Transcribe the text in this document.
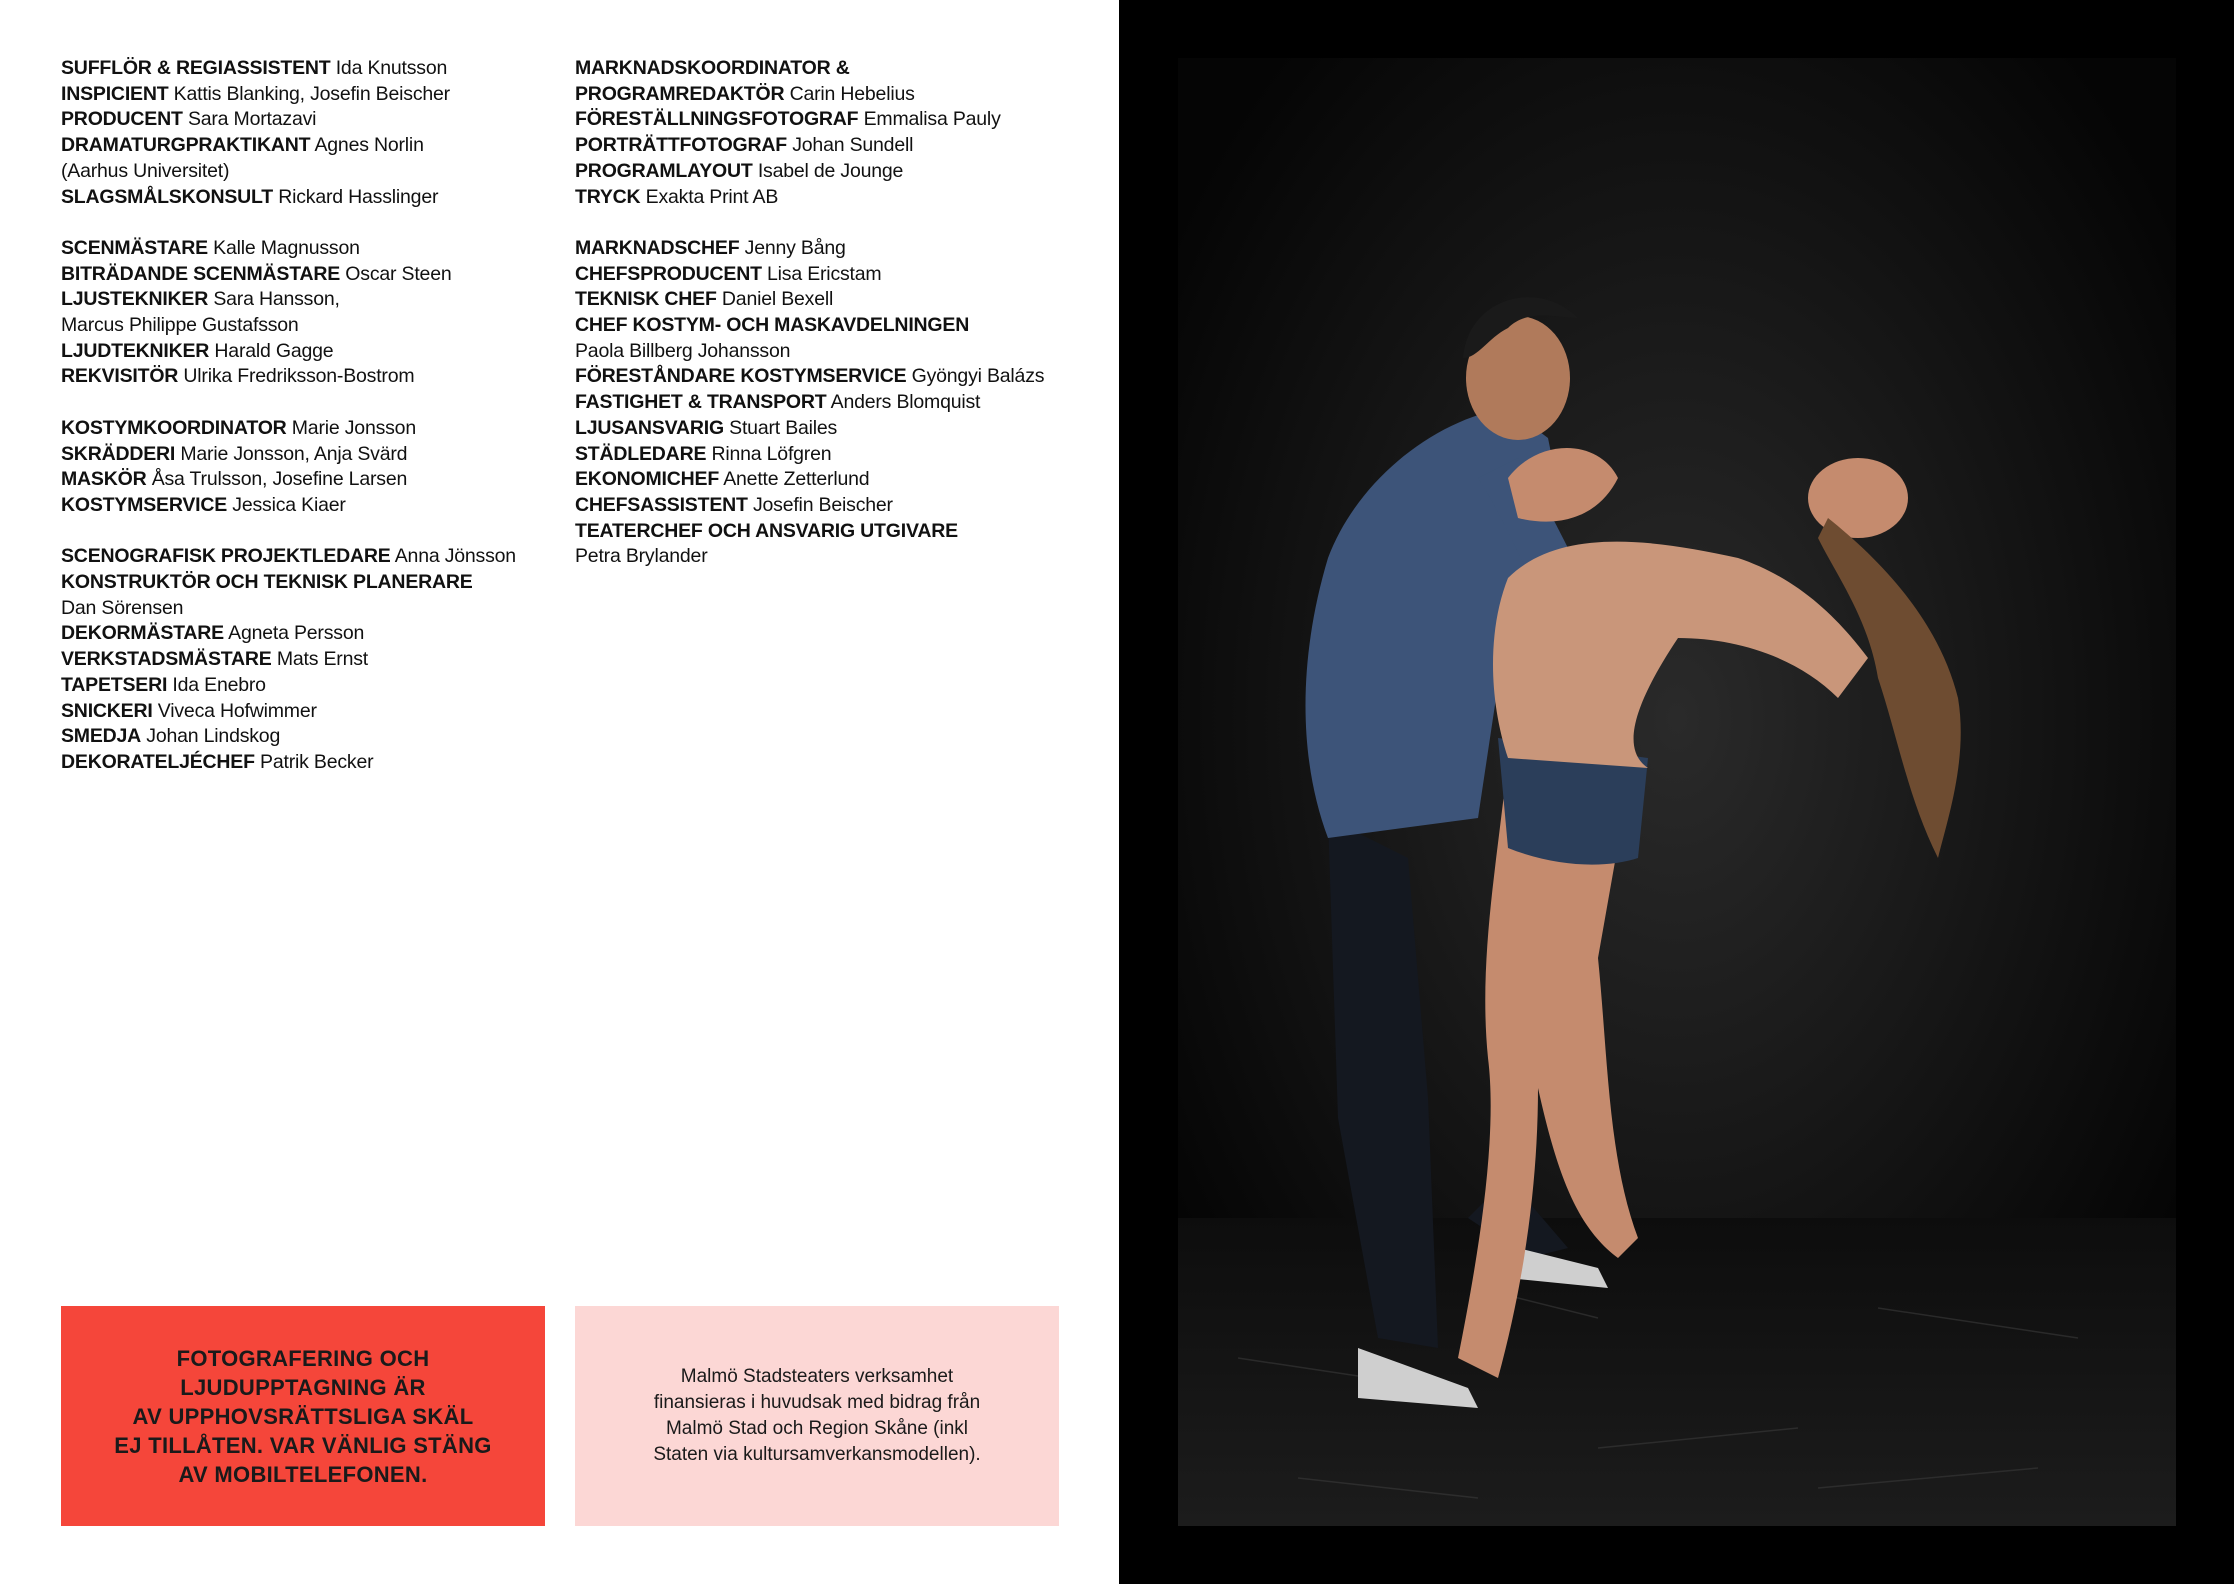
SUFFLÖR & REGIASSISTENT Ida Knutsson
INSPICIENT Kattis Blanking, Josefin Beischer
PRODUCENT Sara Mortazavi
DRAMATURGPRAKTIKANT Agnes Norlin
(Aarhus Universitet)
SLAGSMÅLSKONSULT Rickard Hasslinger
SCENMÄSTARE Kalle Magnusson
BITRÄDANDE SCENMÄSTARE Oscar Steen
LJUSTEKNIKER Sara Hansson,
Marcus Philippe Gustafsson
LJUDTEKNIKER Harald Gagge
REKVISITÖR Ulrika Fredriksson-Bostrom
KOSTYMKOORDINATOR Marie Jonsson
SKRÄDDERI Marie Jonsson, Anja Svärd
MASKÖR Åsa Trulsson, Josefine Larsen
KOSTYMSERVICE Jessica Kiaer
SCENOGRAFISK PROJEKTLEDARE Anna Jönsson
KONSTRUKTÖR OCH TEKNISK PLANERARE
Dan Sörensen
DEKORMÄSTARE Agneta Persson
VERKSTADSMÄSTARE Mats Ernst
TAPETSERI Ida Enebro
SNICKERI Viveca Hofwimmer
SMEDJA Johan Lindskog
DEKORATELJÉCHEF Patrik Becker
MARKNADSKOORDINATOR &
PROGRAMREDAKTÖR Carin Hebelius
FÖRESTÄLLNINGSFOTOGRAF Emmalisa Pauly
PORTRÄTTFOTOGRAF Johan Sundell
PROGRAMLAYOUT Isabel de Jounge
TRYCK Exakta Print AB
MARKNADSCHEF Jenny Bång
CHEFSPRODUCENT Lisa Ericstam
TEKNISK CHEF Daniel Bexell
CHEF KOSTYM- OCH MASKAVDELNINGEN
Paola Billberg Johansson
FÖRESTÅNDARE KOSTYMSERVICE Gyöngyi Balázs
FASTIGHET & TRANSPORT Anders Blomquist
LJUSANSVARIG Stuart Bailes
STÄDLEDARE Rinna Löfgren
EKONOMICHEF Anette Zetterlund
CHEFSASSISTENT Josefin Beischer
TEATERCHEF OCH ANSVARIG UTGIVARE
Petra Brylander
FOTOGRAFERING OCH
LJUDUPPTAGNING ÄR
AV UPPHOVSRÄTTSLIGA SKÄL
EJ TILLÅTEN. VAR VÄNLIG STÄNG
AV MOBILTELEFONEN.
Malmö Stadsteaters verksamhet
finansieras i huvudsak med bidrag från
Malmö Stad och Region Skåne (inkl
Staten via kultursamverkansmodellen).
